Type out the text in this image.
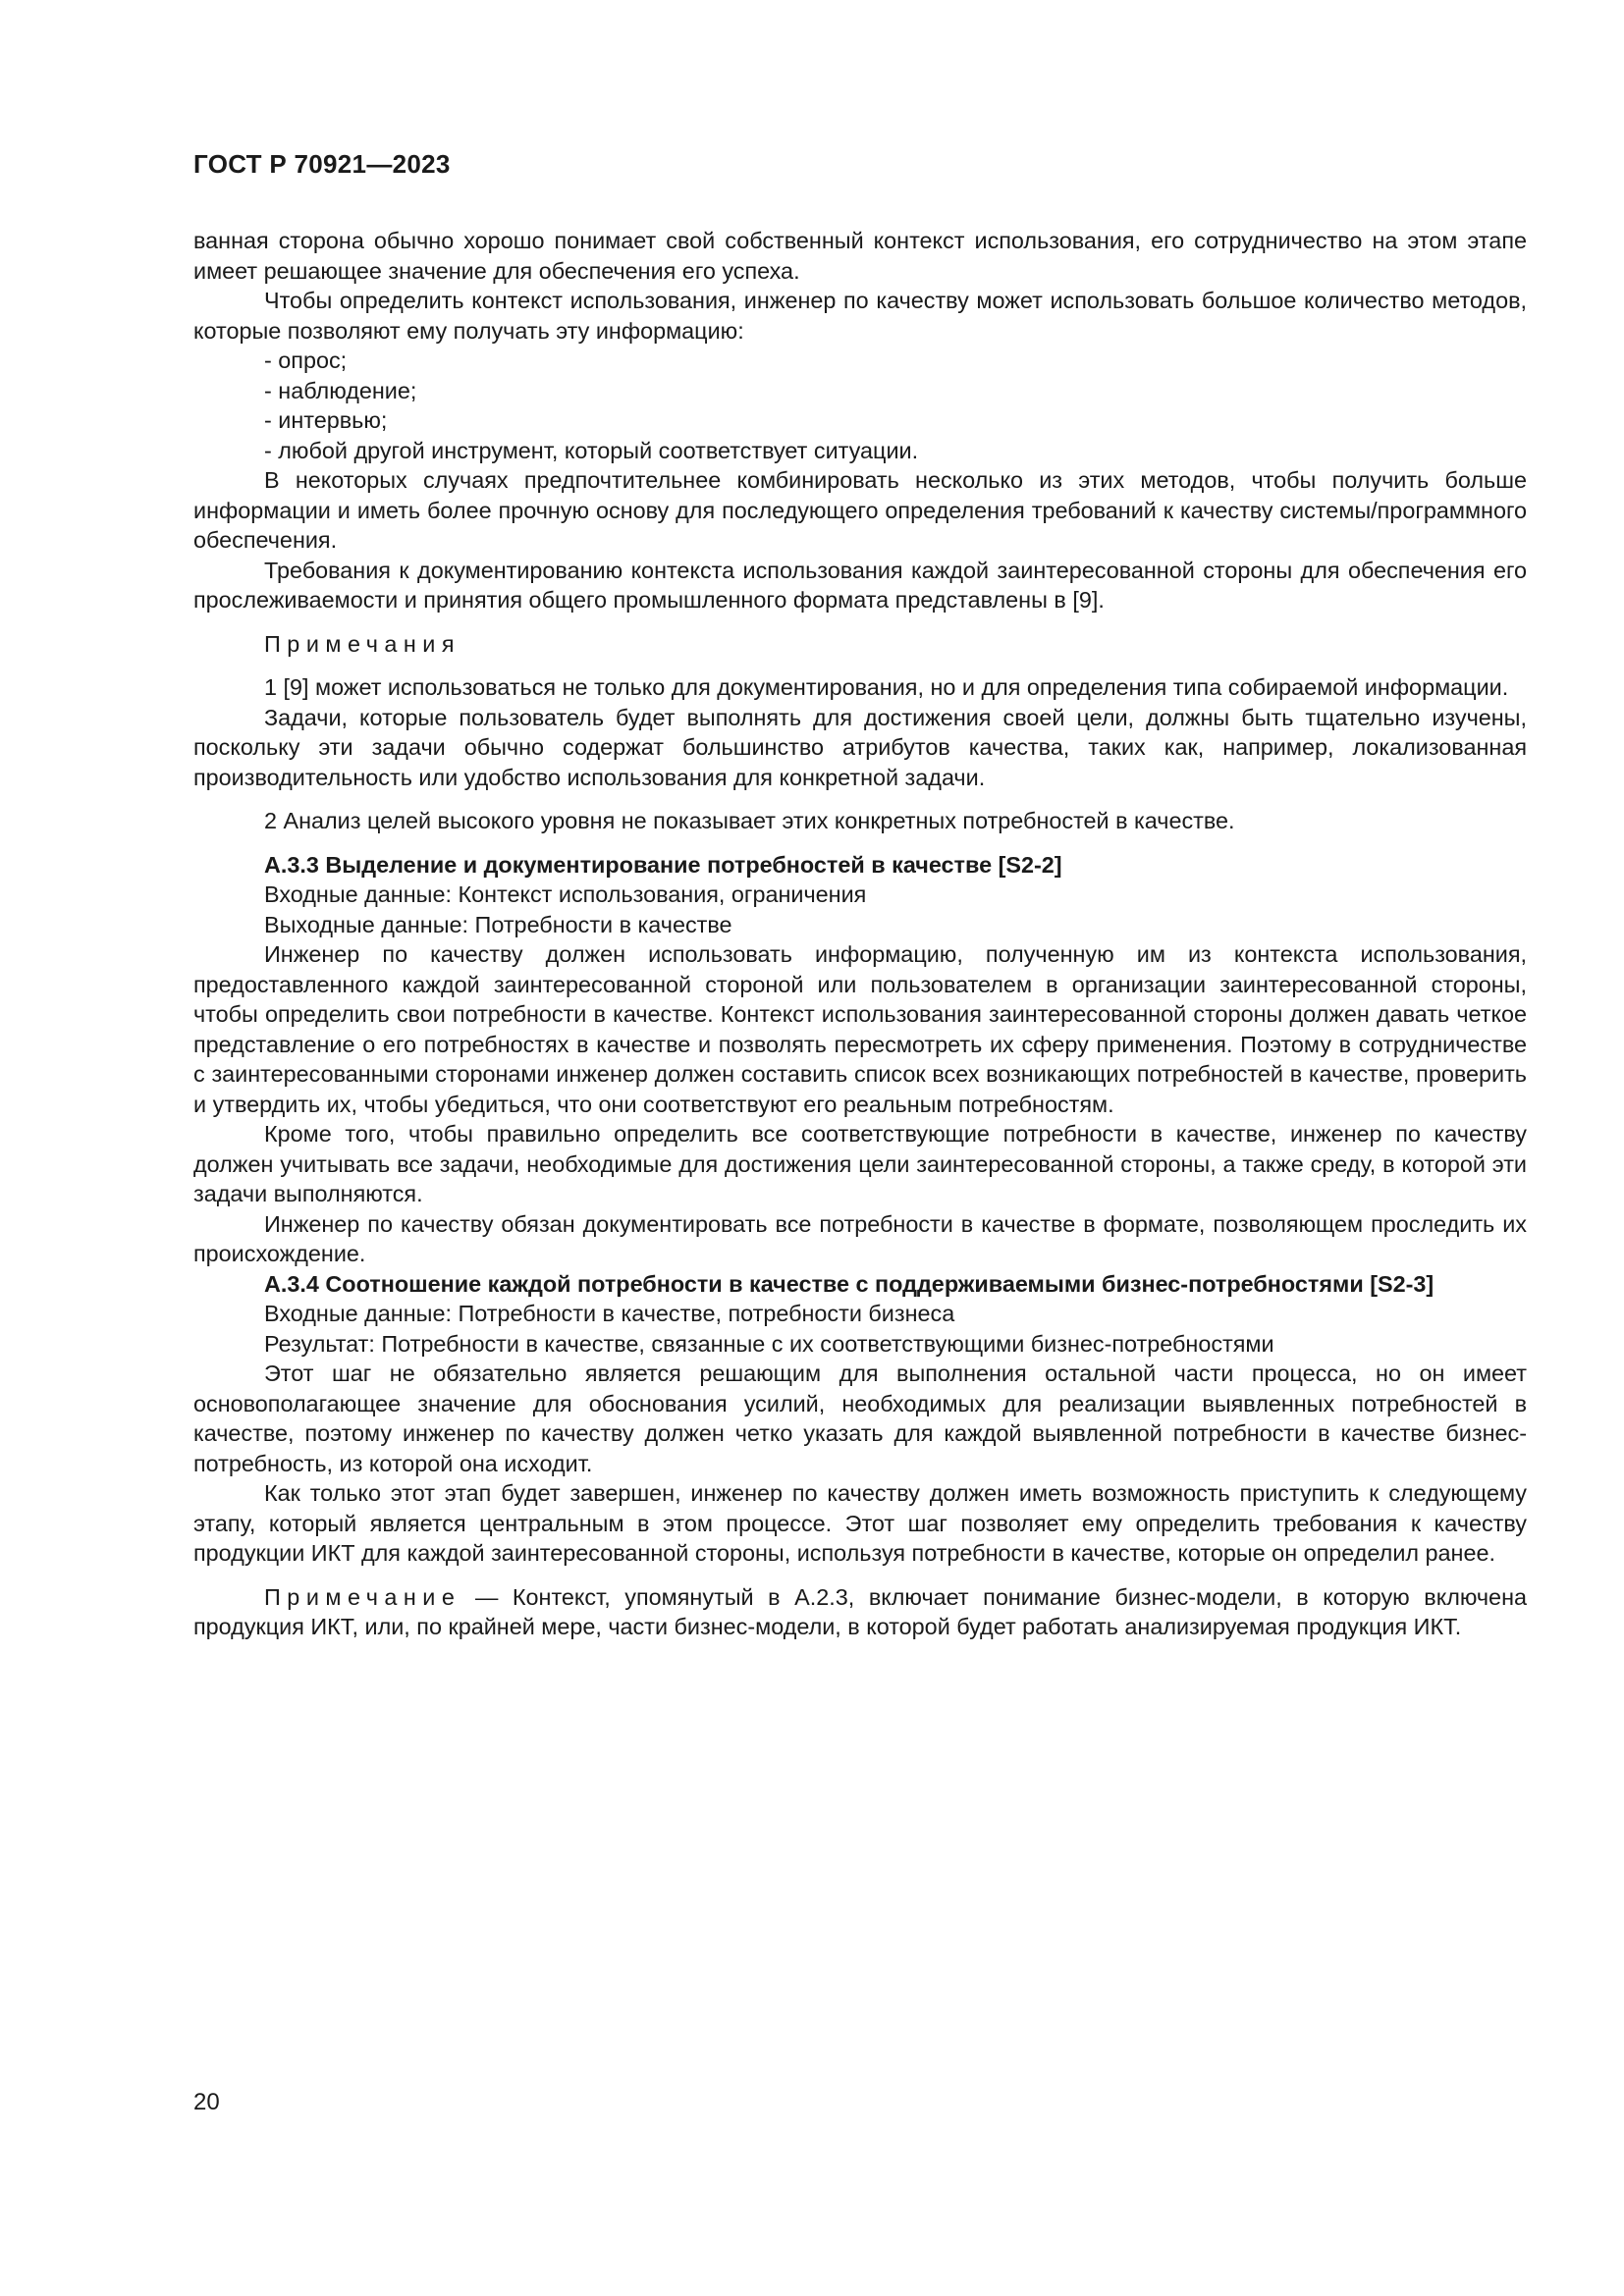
ГОСТ Р 70921—2023

ванная сторона обычно хорошо понимает свой собственный контекст использования, его сотрудничество на этом этапе имеет решающее значение для обеспечения его успеха.

Чтобы определить контекст использования, инженер по качеству может использовать большое количество методов, которые позволяют ему получать эту информацию:

- опрос;

- наблюдение;

- интервью;

- любой другой инструмент, который соответствует ситуации.

В некоторых случаях предпочтительнее комбинировать несколько из этих методов, чтобы получить больше информации и иметь более прочную основу для последующего определения требований к качеству системы/программного обеспечения.

Требования к документированию контекста использования каждой заинтересованной стороны для обеспечения его прослеживаемости и принятия общего промышленного формата представлены в [9].

Примечания

1 [9] может использоваться не только для документирования, но и для определения типа собираемой информации.

Задачи, которые пользователь будет выполнять для достижения своей цели, должны быть тщательно изучены, поскольку эти задачи обычно содержат большинство атрибутов качества, таких как, например, локализованная производительность или удобство использования для конкретной задачи.

2 Анализ целей высокого уровня не показывает этих конкретных потребностей в качестве.

А.3.3 Выделение и документирование потребностей в качестве [S2-2]

Входные данные: Контекст использования, ограничения

Выходные данные: Потребности в качестве

Инженер по качеству должен использовать информацию, полученную им из контекста использования, предоставленного каждой заинтересованной стороной или пользователем в организации заинтересованной стороны, чтобы определить свои потребности в качестве. Контекст использования заинтересованной стороны должен давать четкое представление о его потребностях в качестве и позволять пересмотреть их сферу применения. Поэтому в сотрудничестве с заинтересованными сторонами инженер должен составить список всех возникающих потребностей в качестве, проверить и утвердить их, чтобы убедиться, что они соответствуют его реальным потребностям.

Кроме того, чтобы правильно определить все соответствующие потребности в качестве, инженер по качеству должен учитывать все задачи, необходимые для достижения цели заинтересованной стороны, а также среду, в которой эти задачи выполняются.

Инженер по качеству обязан документировать все потребности в качестве в формате, позволяющем проследить их происхождение.

А.3.4 Соотношение каждой потребности в качестве с поддерживаемыми бизнес-потребностями [S2-3]

Входные данные: Потребности в качестве, потребности бизнеса

Результат: Потребности в качестве, связанные с их соответствующими бизнес-потребностями

Этот шаг не обязательно является решающим для выполнения остальной части процесса, но он имеет основополагающее значение для обоснования усилий, необходимых для реализации выявленных потребностей в качестве, поэтому инженер по качеству должен четко указать для каждой выявленной потребности в качестве бизнес-потребность, из которой она исходит.

Как только этот этап будет завершен, инженер по качеству должен иметь возможность приступить к следующему этапу, который является центральным в этом процессе. Этот шаг позволяет ему определить требования к качеству продукции ИКТ для каждой заинтересованной стороны, используя потребности в качестве, которые он определил ранее.

Примечание — Контекст, упомянутый в А.2.3, включает понимание бизнес-модели, в которую включена продукция ИКТ, или, по крайней мере, части бизнес-модели, в которой будет работать анализируемая продукция ИКТ.

20
